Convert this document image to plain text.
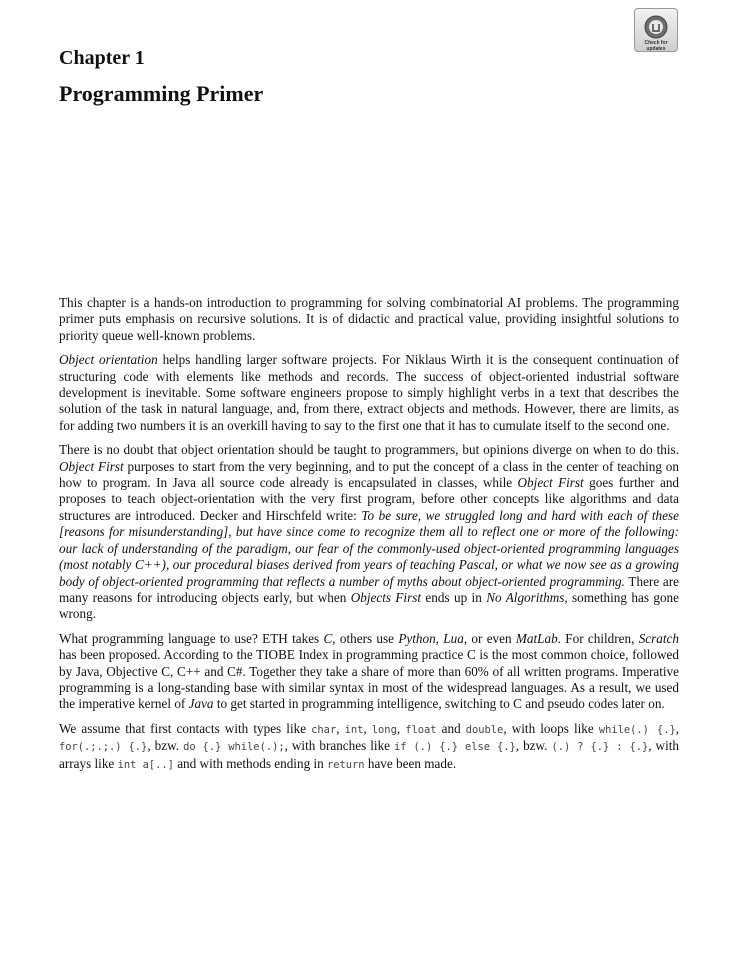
Check for
updates
Chapter 1
Programming Primer

This chapter is a hands-on introduction to programming for solving combinatorial AI problems. The programming primer puts emphasis on recursive solutions. It is of didactic and practical value, providing insightful solutions to priority queue well-known problems.

Object orientation helps handling larger software projects. For Niklaus Wirth it is the consequent continuation of structuring code with elements like methods and records. The success of object-oriented industrial software development is inevitable. Some software engineers propose to simply highlight verbs in a text that describes the solution of the task in natural language, and, from there, extract objects and methods. However, there are limits, as for adding two numbers it is an overkill having to say to the first one that it has to cumulate itself to the second one.

There is no doubt that object orientation should be taught to programmers, but opinions diverge on when to do this. Object First purposes to start from the very beginning, and to put the concept of a class in the center of teaching on how to program. In Java all source code already is encapsulated in classes, while Object First goes further and proposes to teach object-orientation with the very first program, before other concepts like algorithms and data structures are introduced. Decker and Hirschfeld write: To be sure, we struggled long and hard with each of these [reasons for misunderstanding], but have since come to recognize them all to reflect one or more of the following: our lack of understanding of the paradigm, our fear of the commonly-used object-oriented programming languages (most notably C++), our procedural biases derived from years of teaching Pascal, or what we now see as a growing body of object-oriented programming that reflects a number of myths about object-oriented programming. There are many reasons for introducing objects early, but when Objects First ends up in No Algorithms, something has gone wrong.

What programming language to use? ETH takes C, others use Python, Lua, or even MatLab. For children, Scratch has been proposed. According to the TIOBE Index in programming practice C is the most common choice, followed by Java, Objective C, C++ and C#. Together they take a share of more than 60% of all written programs. Imperative programming is a long-standing base with similar syntax in most of the widespread languages. As a result, we used the imperative kernel of Java to get started in programming intelligence, switching to C and pseudo codes later on.

We assume that first contacts with types like char, int, long, float and double, with loops like while(.) {.}, for(.;.;.) {.}, bzw. do {.} while(.);, with branches like if (.) {.} else {.}, bzw. (.) ? {.} : {.}, with arrays like int a[..] and with methods ending in return have been made.
